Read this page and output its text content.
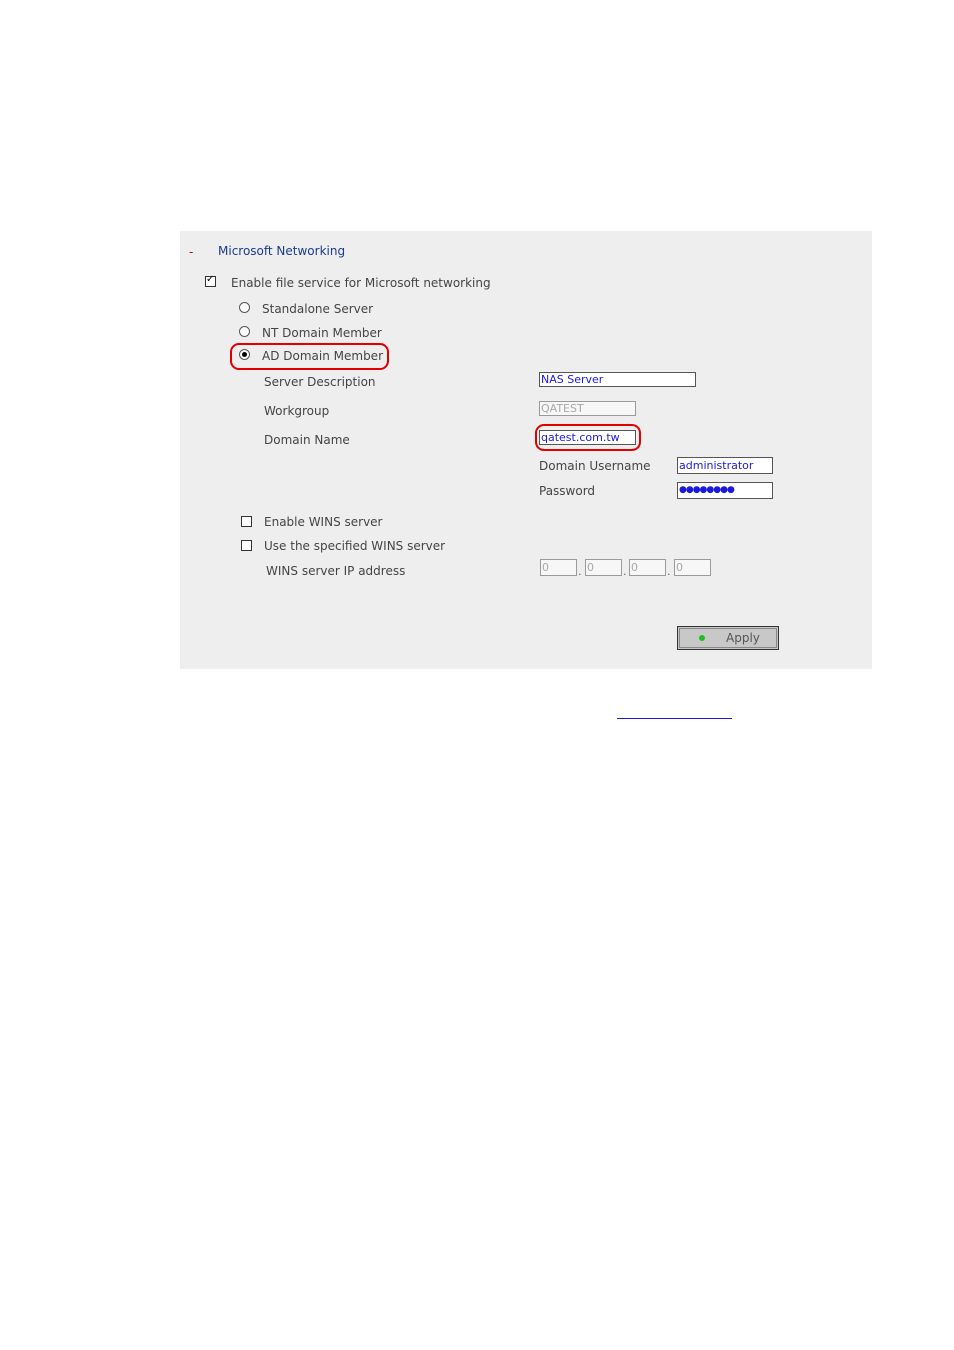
- Microsoft Networking
✓
Enable file service for Microsoft networking
Standalone Server
NT Domain Member
AD Domain Member
Server Description	NAS Server
Workgroup	QATEST
Domain Name	qatest.com.tw
Domain Username	administrator
Password	●●●●●●●●
Enable WINS server
Use the specified WINS server
WINS server IP address	0	. 0	. 0	. 0
Apply
